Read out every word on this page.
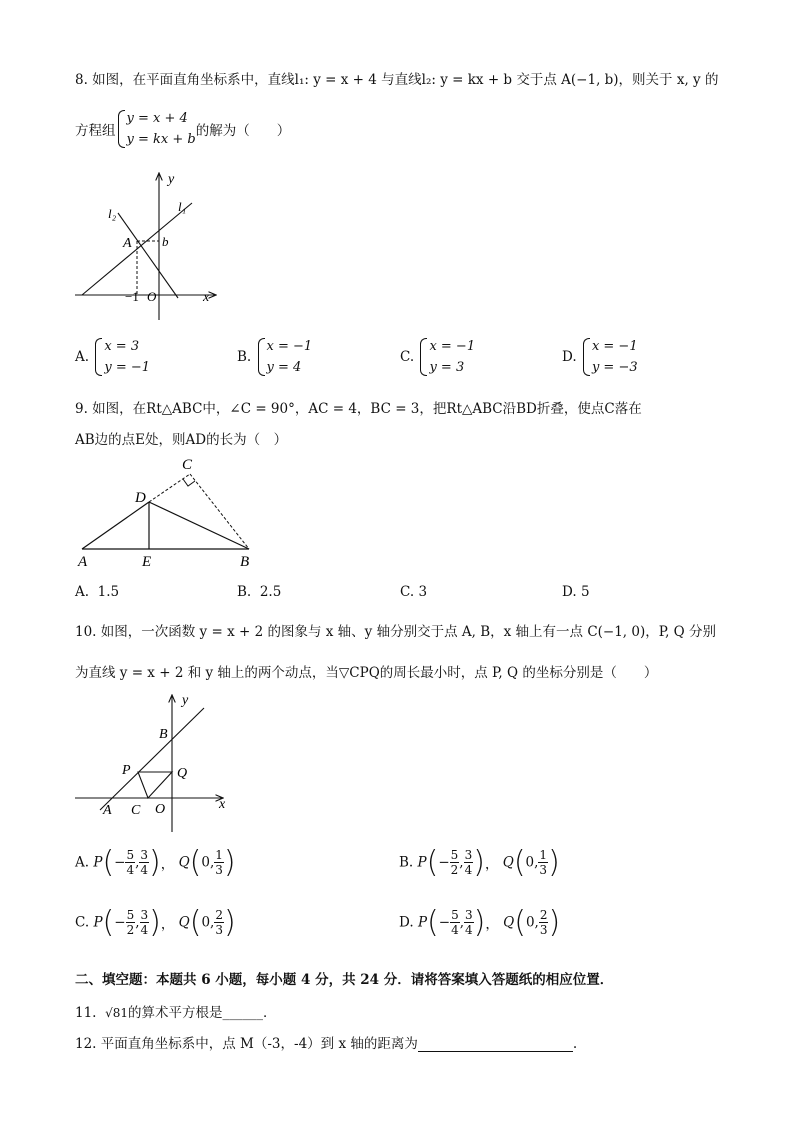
8. 如图，在平面直角坐标系中，直线l₁: y = x + 4 与直线l₂: y = kx + b 交于点 A(−1, b)，则关于 x, y 的
方程组
y = x + 4
y = kx + b
的解为（　　）
y
x
l₁
l₂
A b
−1 O
A.
x = 3
y = −1
B.
x = −1
y = 4
C.
x = −1
y = 3
D.
x = −1
y = −3
9. 如图，在Rt△ABC中，∠C = 90°，AC = 4，BC = 3，把Rt△ABC沿BD折叠，使点C落在
AB边的点E处，则AD的长为（　）
A	B
C
D
E
A. 1.5	B. 2.5	C. 3	D. 5
10. 如图，一次函数 y = x + 2 的图象与 x 轴、y 轴分别交于点 A, B，x 轴上有一点 C(−1, 0)，P, Q 分别
为直线 y = x + 2 和 y 轴上的两个动点，当▽CPQ的周长最小时，点 P, Q 的坐标分别是（　　）
y
x
B
P	Q
A C O
A. $P(- \frac{5}{4}$ , $\frac{3}{4}$ )， Q(0, $\frac{1}{3}$ )	B. $P(- \frac{5}{2}$ , $\frac{3}{4}$ )， Q(0, $\frac{1}{3}$ )
C. $P(- \frac{5}{2}$ , $\frac{3}{4}$ )， Q(0, $\frac{2}{3}$ )	D. $P(- \frac{5}{4}$ , $\frac{3}{4}$ )， Q(0, $\frac{2}{3}$ )
二、填空题：本题共 6 小题，每小题 4 分，共 24 分．请将答案填入答题纸的相应位置．
11. √81的算术平方根是______．
12. 平面直角坐标系中，点 M（-3，-4）到 x 轴的距离为	.
